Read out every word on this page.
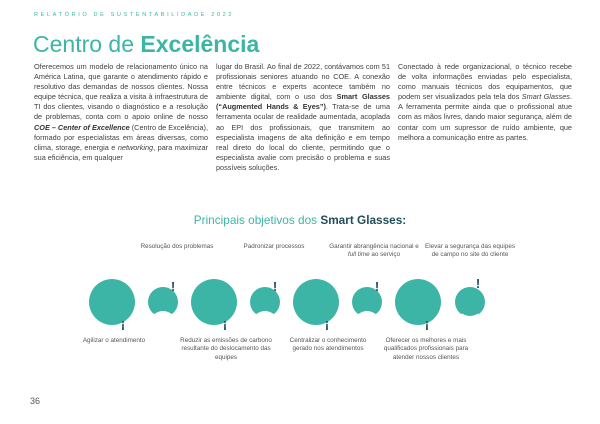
RELATÓRIO DE SUSTENTABILIDADE 2022
Centro de Excelência
Oferecemos um modelo de relacionamento único na América Latina, que garante o atendimento rápido e resolutivo das demandas de nossos clientes. Nossa equipe técnica, que realiza a visita à infraestrutura de TI dos clientes, visando o diagnóstico e a resolução de problemas, conta com o apoio online de nosso COE – Center of Excellence (Centro de Excelência), formado por especialistas em áreas diversas, como clima, storage, energia e networking, para maximizar sua eficiência, em qualquer
lugar do Brasil. Ao final de 2022, contávamos com 51 profissionais seniores atuando no COE. A conexão entre técnicos e experts acontece também no ambiente digital, com o uso dos Smart Glasses (“Augmented Hands & Eyes”). Trata-se de uma ferramenta ocular de realidade aumentada, acoplada ao EPI dos profissionais, que transmitem ao especialista imagens de alta definição e em tempo real direto do local do cliente, permitindo que o especialista avalie com precisão o problema e suas possíveis soluções.
Conectado à rede organizacional, o técnico recebe de volta informações enviadas pelo especialista, como manuais técnicos dos equipamentos, que podem ser visualizados pela tela dos Smart Glasses. A ferramenta permite ainda que o profissional atue com as mãos livres, dando maior segurança, além de contar com um supressor de ruído ambiente, que melhora a comunicação entre as partes.
Principais objetivos dos Smart Glasses:
!	!	!	!
!	!	!	!
Resolução dos problemas	Padronizar processos	Garantir abrangência nacional e full time ao serviço
Elevar a segurança das equipes de campo no site do cliente
Agilizar o atendimento	Reduzir as emissões de carbono resultante do deslocamento das equipes
Centralizar o conhecimento gerado nos atendimentos
Oferecer os melhores e mais qualificados profissionais para atender nossos clientes
36
